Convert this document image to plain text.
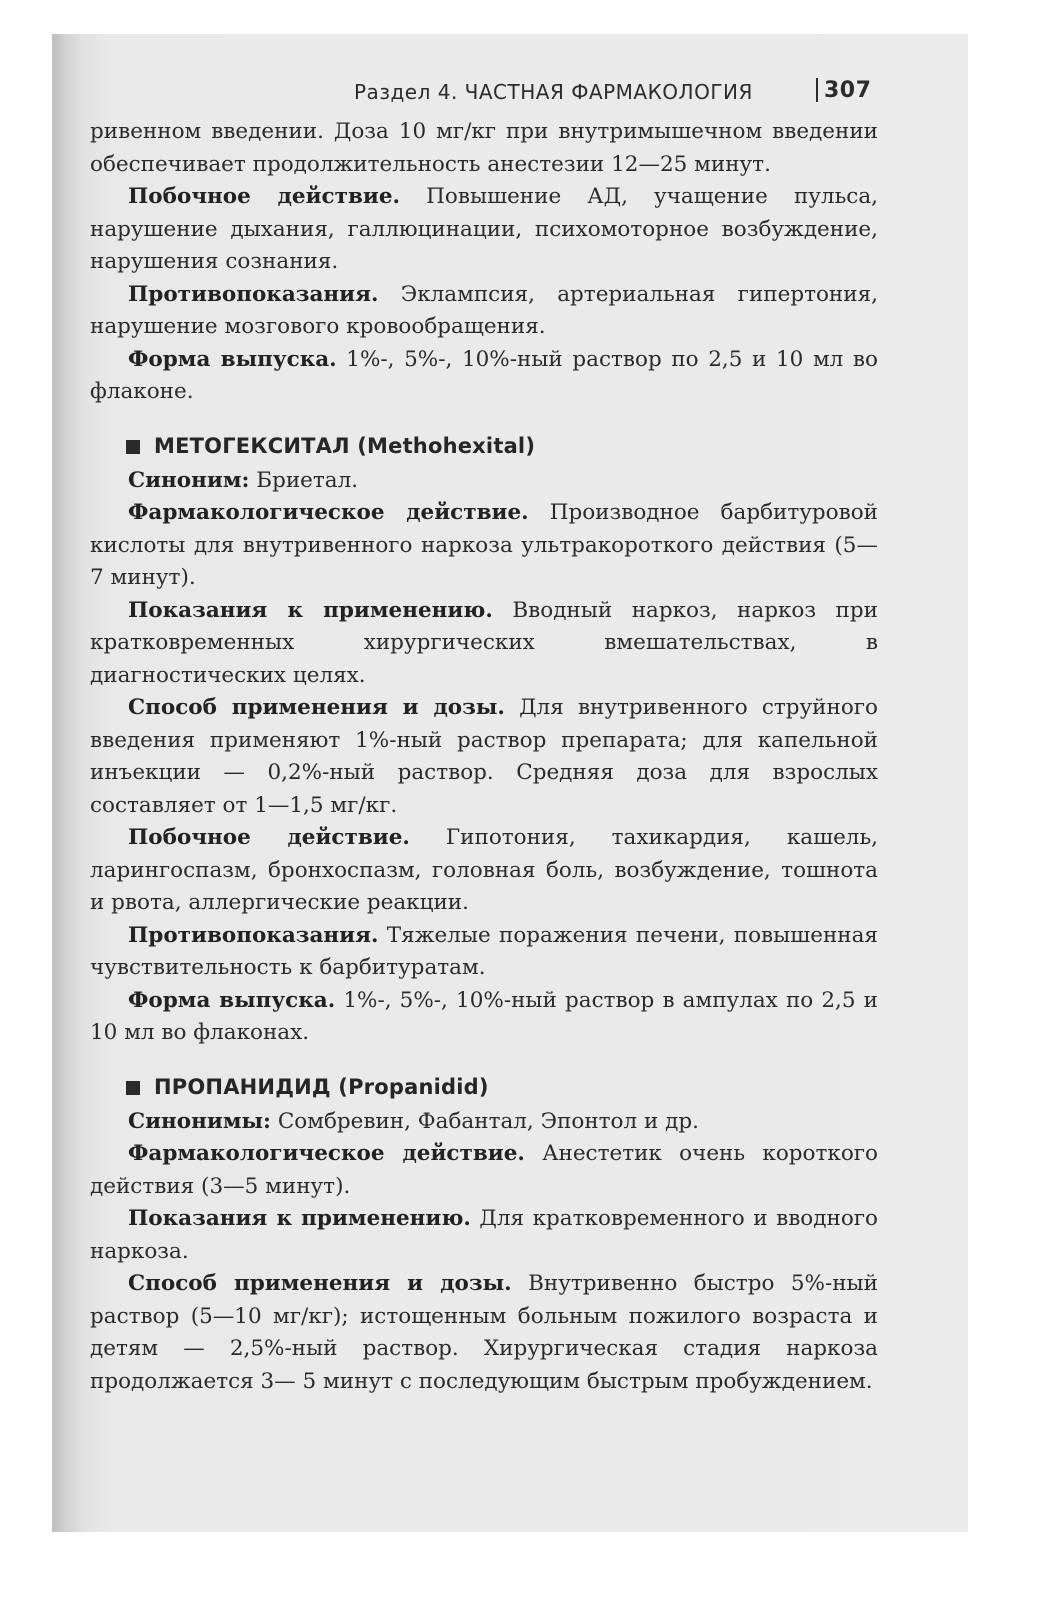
Раздел 4. ЧАСТНАЯ ФАРМАКОЛОГИЯ	307

ривенном введении. Доза 10 мг/кг при внутримышечном введении обеспечивает продолжительность анестезии 12—25 минут.

Побочное действие. Повышение АД, учащение пульса, нарушение дыхания, галлюцинации, психомоторное возбуждение, нарушения сознания.

Противопоказания. Эклампсия, артериальная гипертония, нарушение мозгового кровообращения.

Форма выпуска. 1%-, 5%-, 10%-ный раствор по 2,5 и 10 мл во флаконе.

МЕТОГЕКСИТАЛ (Methohexital)

Синоним: Бриетал.

Фармакологическое действие. Производное барбитуровой кислоты для внутривенного наркоза ультракороткого действия (5—7 минут).

Показания к применению. Вводный наркоз, наркоз при кратковременных хирургических вмешательствах, в диагностических целях.

Способ применения и дозы. Для внутривенного струйного введения применяют 1%-ный раствор препарата; для капельной инъекции — 0,2%-ный раствор. Средняя доза для взрослых составляет от 1—1,5 мг/кг.

Побочное действие. Гипотония, тахикардия, кашель, ларингоспазм, бронхоспазм, головная боль, возбуждение, тошнота и рвота, аллергические реакции.

Противопоказания. Тяжелые поражения печени, повышенная чувствительность к барбитуратам.

Форма выпуска. 1%-, 5%-, 10%-ный раствор в ампулах по 2,5 и 10 мл во флаконах.

ПРОПАНИДИД (Propanidid)

Синонимы: Сомбревин, Фабантал, Эпонтол и др.

Фармакологическое действие. Анестетик очень короткого действия (3—5 минут).

Показания к применению. Для кратковременного и вводного наркоза.

Способ применения и дозы. Внутривенно быстро 5%-ный раствор (5—10 мг/кг); истощенным больным пожилого возраста и детям — 2,5%-ный раствор. Хирургическая стадия наркоза продолжается 3— 5 минут с последующим быстрым пробуждением.
